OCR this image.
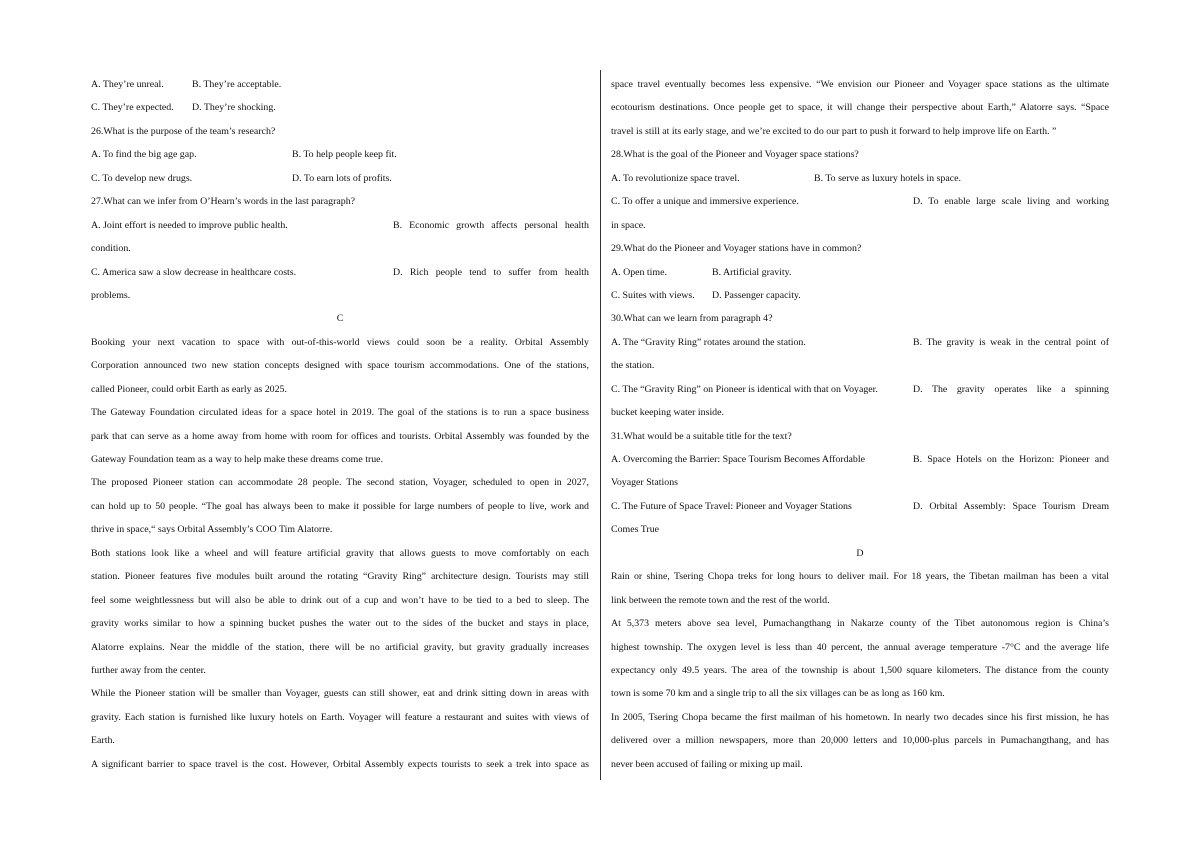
A. They’re unreal.	B. They’re acceptable.
C. They’re expected.	D. They’re shocking.
26.What is the purpose of the team’s research?
A. To find the big age gap.	B. To help people keep fit.
C. To develop new drugs.	D. To earn lots of profits.
27.What can we infer from O’Hearn’s words in the last paragraph?
A. Joint effort is needed to improve public health.	B. Economic growth affects personal health
condition.
C. America saw a slow decrease in healthcare costs.	D. Rich people tend to suffer from health
problems.
C
Booking your next vacation to space with out-of-this-world views could soon be a reality. Orbital Assembly
Corporation announced two new station concepts designed with space tourism accommodations. One of the stations,
called Pioneer, could orbit Earth as early as 2025.
The Gateway Foundation circulated ideas for a space hotel in 2019. The goal of the stations is to run a space business
park that can serve as a home away from home with room for offices and tourists. Orbital Assembly was founded by the
Gateway Foundation team as a way to help make these dreams come true.
The proposed Pioneer station can accommodate 28 people. The second station, Voyager, scheduled to open in 2027,
can hold up to 50 people. “The goal has always been to make it possible for large numbers of people to live, work and
thrive in space,“ says Orbital Assembly’s COO Tim Alatorre.
Both stations look like a wheel and will feature artificial gravity that allows guests to move comfortably on each
station. Pioneer features five modules built around the rotating “Gravity Ring” architecture design. Tourists may still
feel some weightlessness but will also be able to drink out of a cup and won’t have to be tied to a bed to sleep. The
gravity works similar to how a spinning bucket pushes the water out to the sides of the bucket and stays in place,
Alatorre explains. Near the middle of the station, there will be no artificial gravity, but gravity gradually increases
further away from the center.
While the Pioneer station will be smaller than Voyager, guests can still shower, eat and drink sitting down in areas with
gravity. Each station is furnished like luxury hotels on Earth. Voyager will feature a restaurant and suites with views of
Earth.
A significant barrier to space travel is the cost. However, Orbital Assembly expects tourists to seek a trek into space as
space travel eventually becomes less expensive. “We envision our Pioneer and Voyager space stations as the ultimate
ecotourism destinations. Once people get to space, it will change their perspective about Earth,” Alatorre says. “Space
travel is still at its early stage, and we’re excited to do our part to push it forward to help improve life on Earth. ”
28.What is the goal of the Pioneer and Voyager space stations?
A. To revolutionize space travel.	B. To serve as luxury hotels in space.
C. To offer a unique and immersive experience.	D. To enable large scale living and working
in space.
29.What do the Pioneer and Voyager stations have in common?
A. Open time.	B. Artificial gravity.
C. Suites with views.	D. Passenger capacity.
30.What can we learn from paragraph 4?
A. The “Gravity Ring” rotates around the station.	B. The gravity is weak in the central point of
the station.
C. The “Gravity Ring” on Pioneer is identical with that on Voyager.	D. The gravity operates like a spinning
bucket keeping water inside.
31.What would be a suitable title for the text?
A. Overcoming the Barrier: Space Tourism Becomes Affordable	B. Space Hotels on the Horizon: Pioneer and
Voyager Stations
C. The Future of Space Travel: Pioneer and Voyager Stations	D. Orbital Assembly: Space Tourism Dream
Comes True
D
Rain or shine, Tsering Chopa treks for long hours to deliver mail. For 18 years, the Tibetan mailman has been a vital
link between the remote town and the rest of the world.
At 5,373 meters above sea level, Pumachangthang in Nakarze county of the Tibet autonomous region is China’s
highest township. The oxygen level is less than 40 percent, the annual average temperature -7°C and the average life
expectancy only 49.5 years. The area of the township is about 1,500 square kilometers. The distance from the county
town is some 70 km and a single trip to all the six villages can be as long as 160 km.
In 2005, Tsering Chopa became the first mailman of his hometown. In nearly two decades since his first mission, he has
delivered over a million newspapers, more than 20,000 letters and 10,000-plus parcels in Pumachangthang, and has
never been accused of failing or mixing up mail.
